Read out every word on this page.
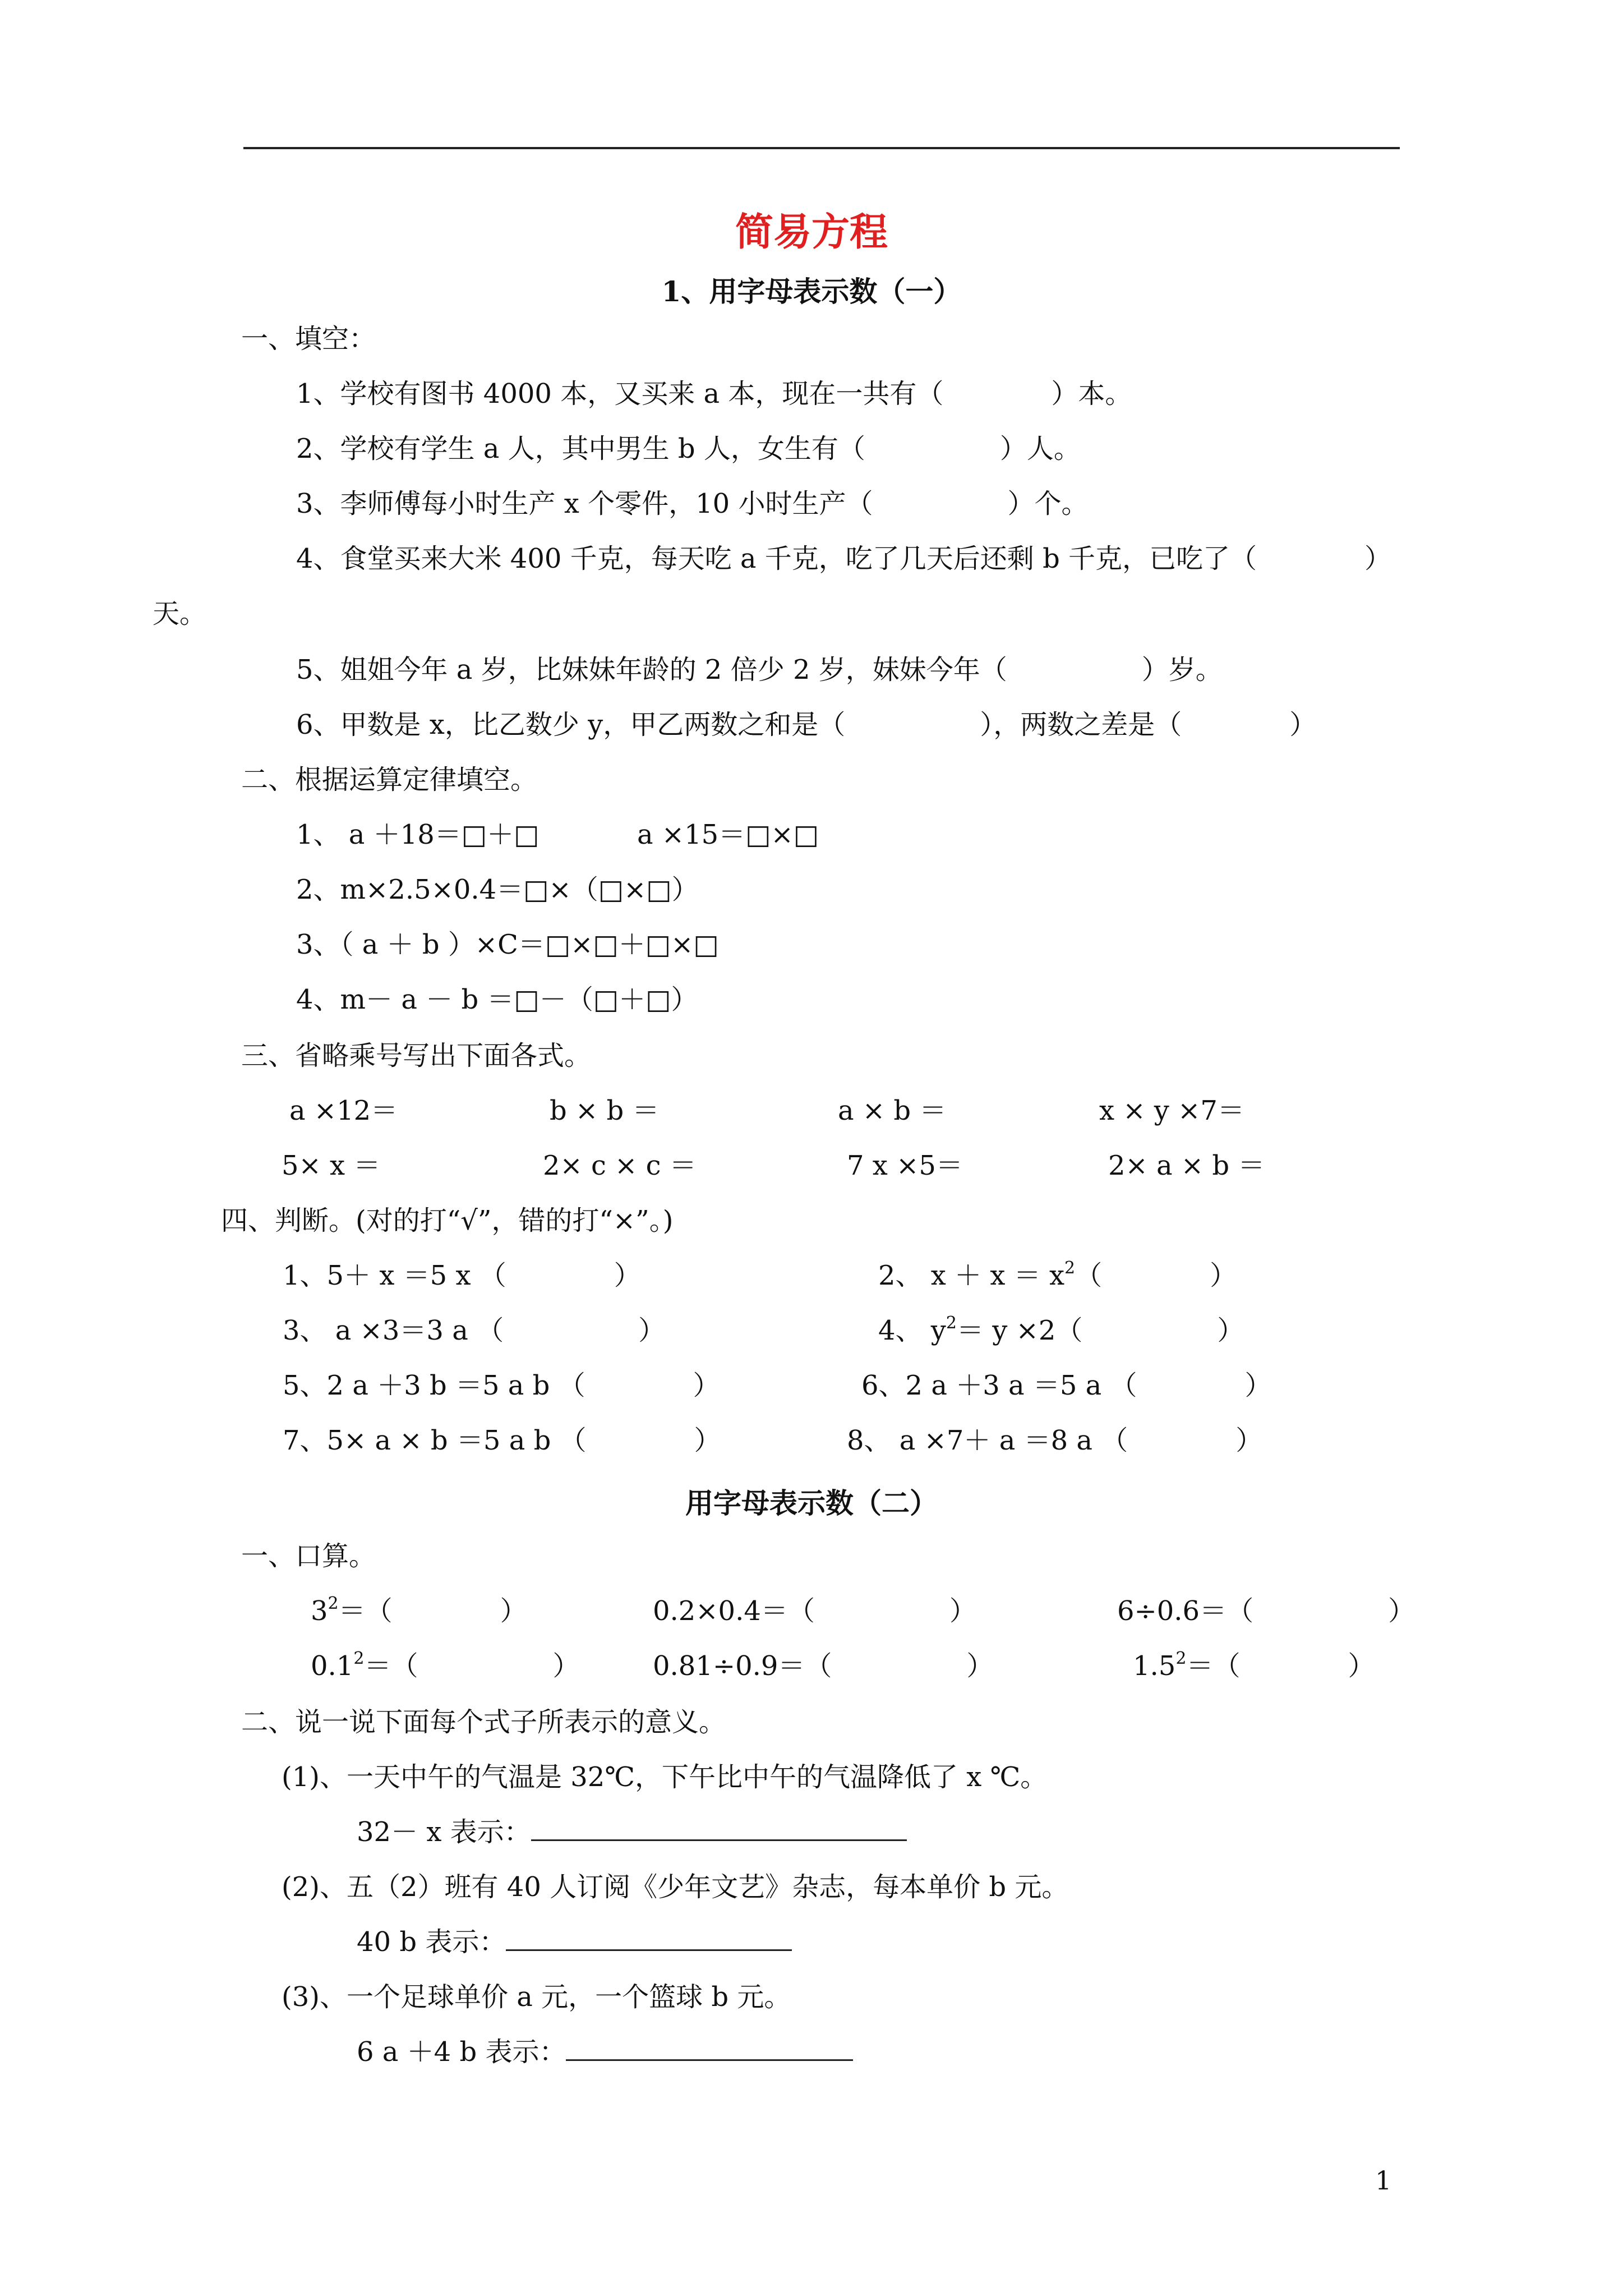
简易方程
1、用字母表示数（一）
一、填空：
1、学校有图书 4000 本，又买来 a 本，现在一共有（　　　　）本。
2、学校有学生 a 人，其中男生 b 人，女生有（　　　　　）人。
3、李师傅每小时生产 x 个零件，10 小时生产（　　　　　）个。
4、食堂买来大米 400 千克，每天吃 a 千克，吃了几天后还剩 b 千克，已吃了（　　　　）
天。
5、姐姐今年 a 岁，比妹妹年龄的 2 倍少 2 岁，妹妹今年（　　　　　）岁。
6、甲数是 x，比乙数少 y，甲乙两数之和是（　　　　　），两数之差是（　　　　）
二、根据运算定律填空。
1、 a ＋18＝□＋□	a ×15＝□×□
2、m×2.5×0.4＝□×（□×□）
3、（ a ＋ b ）×C＝□×□＋□×□
4、m－ a － b ＝□－（□＋□）
三、省略乘号写出下面各式。
a ×12＝	b × b ＝	a × b ＝	x × y ×7＝
5× x ＝	2× c × c ＝	7 x ×5＝	2× a × b ＝
四、判断。(对的打“√”，错的打“×”。)
1、5＋ x ＝5 x （　　　　）	2、 $x + x = x^2$（　　　　）
3、 a ×3＝3 a （　　　　　）	4、 $y^2= y \times 2$（　　　　　）
5、2 a ＋3 b ＝5 a b （　　　　）	6、2 a ＋3 a ＝5 a （　　　　）
7、5× a × b ＝5 a b （　　　　）	8、 a ×7＋ a ＝8 a （　　　　）
用字母表示数（二）
一、口算。
$3^2=$（　　　　）	0.2×0.4＝（　　　　　）	6÷0.6＝（　　　　　）
$0.1^2=$（　　　　　）	0.81÷0.9＝（　　　　　）	$1.5^2=$（　　　　）
二、说一说下面每个式子所表示的意义。
(1)、一天中午的气温是 32℃，下午比中午的气温降低了 x ℃。
32－ x 表示：
(2)、五（2）班有 40 人订阅《少年文艺》杂志，每本单价 b 元。
40 b 表示：
(3)、一个足球单价 a 元，一个篮球 b 元。
6 a ＋4 b 表示：
1
